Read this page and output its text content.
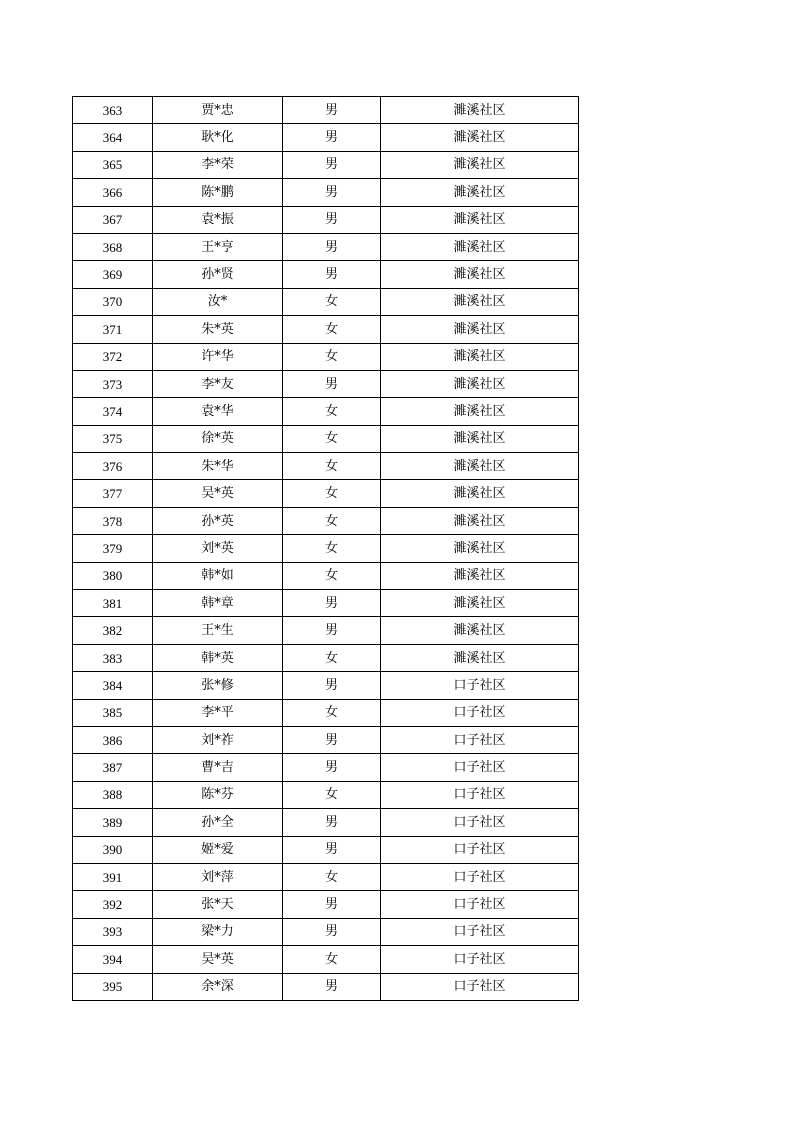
363	贾*忠	男	濉溪社区
364	耿*化	男	濉溪社区
365	李*荣	男	濉溪社区
366	陈*鹏	男	濉溪社区
367	袁*振	男	濉溪社区
368	王*亨	男	濉溪社区
369	孙*贤	男	濉溪社区
370	汝*	女	濉溪社区
371	朱*英	女	濉溪社区
372	许*华	女	濉溪社区
373	李*友	男	濉溪社区
374	袁*华	女	濉溪社区
375	徐*英	女	濉溪社区
376	朱*华	女	濉溪社区
377	吴*英	女	濉溪社区
378	孙*英	女	濉溪社区
379	刘*英	女	濉溪社区
380	韩*如	女	濉溪社区
381	韩*章	男	濉溪社区
382	王*生	男	濉溪社区
383	韩*英	女	濉溪社区
384	张*修	男	口子社区
385	李*平	女	口子社区
386	刘*祚	男	口子社区
387	曹*吉	男	口子社区
388	陈*芬	女	口子社区
389	孙*全	男	口子社区
390	姬*爱	男	口子社区
391	刘*萍	女	口子社区
392	张*天	男	口子社区
393	梁*力	男	口子社区
394	吴*英	女	口子社区
395	余*深	男	口子社区
